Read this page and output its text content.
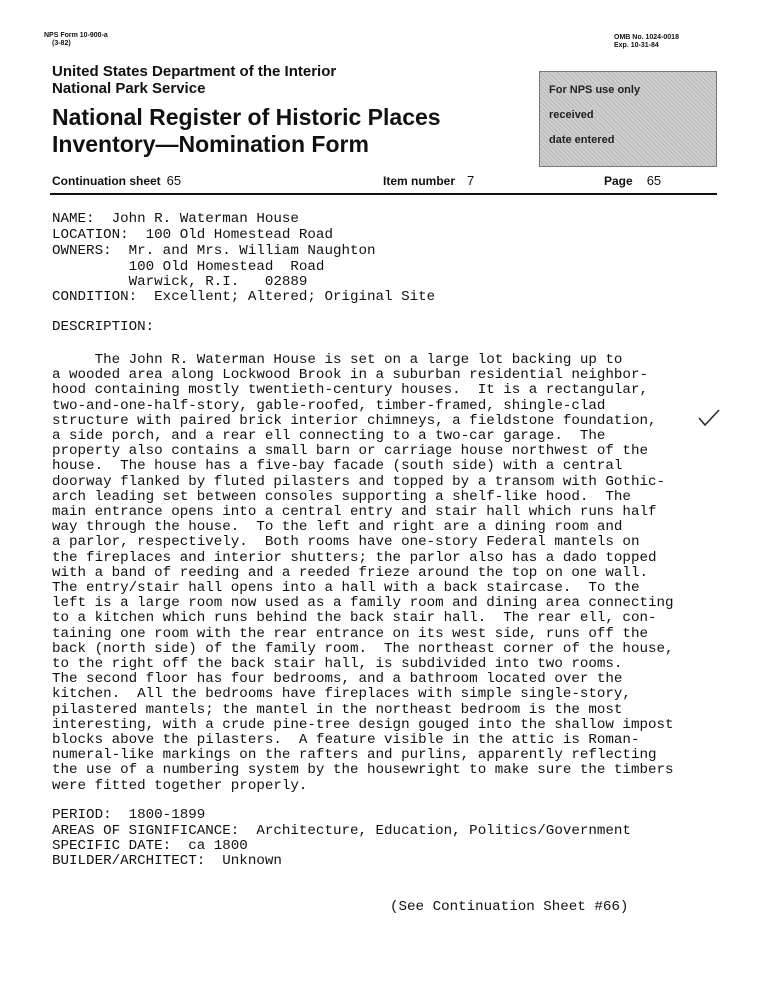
NPS Form 10-900-a
(3-82)
OMB No. 1024-0018
Exp. 10-31-84
United States Department of the Interior
National Park Service
National Register of Historic Places
Inventory—Nomination Form
For NPS use only
received
date entered
Continuation sheet 65	Item number 7	Page 65
NAME:  John R. Waterman House
LOCATION:  100 Old Homestead Road
OWNERS:  Mr. and Mrs. William Naughton
100 Old Homestead  Road
Warwick, R.I.   02889
CONDITION:  Excellent; Altered; Original Site
DESCRIPTION:
The John R. Waterman House is set on a large lot backing up to
a wooded area along Lockwood Brook in a suburban residential neighbor-
hood containing mostly twentieth-century houses.  It is a rectangular,
two-and-one-half-story, gable-roofed, timber-framed, shingle-clad
structure with paired brick interior chimneys, a fieldstone foundation,
a side porch, and a rear ell connecting to a two-car garage.  The
property also contains a small barn or carriage house northwest of the
house.  The house has a five-bay facade (south side) with a central
doorway flanked by fluted pilasters and topped by a transom with Gothic-
arch leading set between consoles supporting a shelf-like hood.  The
main entrance opens into a central entry and stair hall which runs half
way through the house.  To the left and right are a dining room and
a parlor, respectively.  Both rooms have one-story Federal mantels on
the fireplaces and interior shutters; the parlor also has a dado topped
with a band of reeding and a reeded frieze around the top on one wall.
The entry/stair hall opens into a hall with a back staircase.  To the
left is a large room now used as a family room and dining area connecting
to a kitchen which runs behind the back stair hall.  The rear ell, con-
taining one room with the rear entrance on its west side, runs off the
back (north side) of the family room.  The northeast corner of the house,
to the right off the back stair hall, is subdivided into two rooms.
The second floor has four bedrooms, and a bathroom located over the
kitchen.  All the bedrooms have fireplaces with simple single-story,
pilastered mantels; the mantel in the northeast bedroom is the most
interesting, with a crude pine-tree design gouged into the shallow impost
blocks above the pilasters.  A feature visible in the attic is Roman-
numeral-like markings on the rafters and purlins, apparently reflecting
the use of a numbering system by the housewright to make sure the timbers
were fitted together properly.
PERIOD:  1800-1899
AREAS OF SIGNIFICANCE:  Architecture, Education, Politics/Government
SPECIFIC DATE:  ca 1800
BUILDER/ARCHITECT:  Unknown
(See Continuation Sheet #66)
